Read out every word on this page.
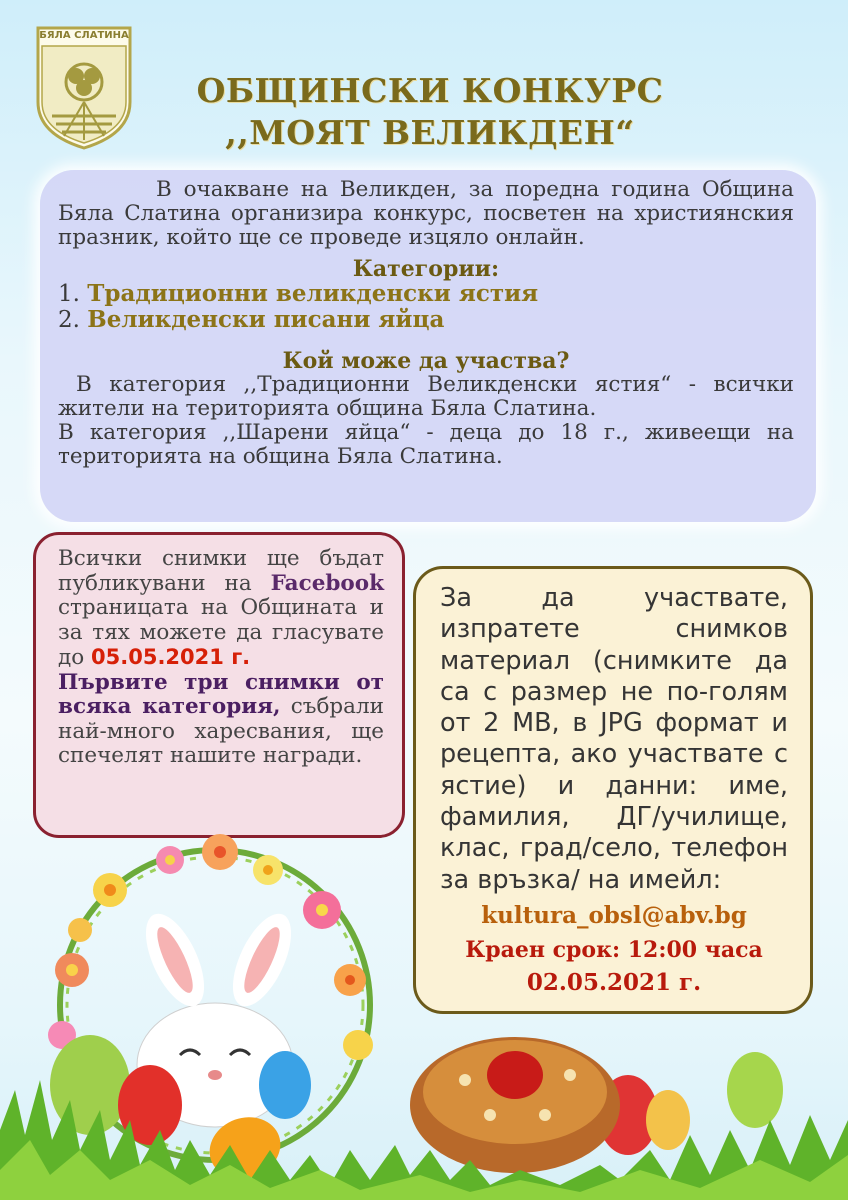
БЯЛА СЛАТИНА
ОБЩИНСКИ КОНКУРС
,,МОЯТ ВЕЛИКДЕН“
В очакване на Великден, за поредна година Община Бяла Слатина организира конкурс, посветен на християнския празник, който ще се проведе изцяло онлайн.
Категории:
1. Традиционни великденски ястия
2. Великденски писани яйца
Кой може да участва?
В категория ,,Традиционни Великденски ястия“ - всички жители на територията община Бяла Слатина.
В категория ,,Шарени яйца“ - деца до 18 г., живеещи на територията на община Бяла Слатина.
Всички снимки ще бъдат публикувани на Facebook страницата на Общината и за тях можете да гласувате до 05.05.2021 г.
Първите три снимки от всяка категория, събрали най-много харесвания, ще спечелят нашите награди.
За да участвате, изпратете снимков материал (снимките да са с размер не по-голям от 2 MB, в JPG формат и рецепта, ако участвате с ястие) и данни: име, фамилия, ДГ/училище, клас, град/село, телефон за връзка/ на имейл:
kultura_obsl@abv.bg
Краен срок: 12:00 часа
02.05.2021 г.
